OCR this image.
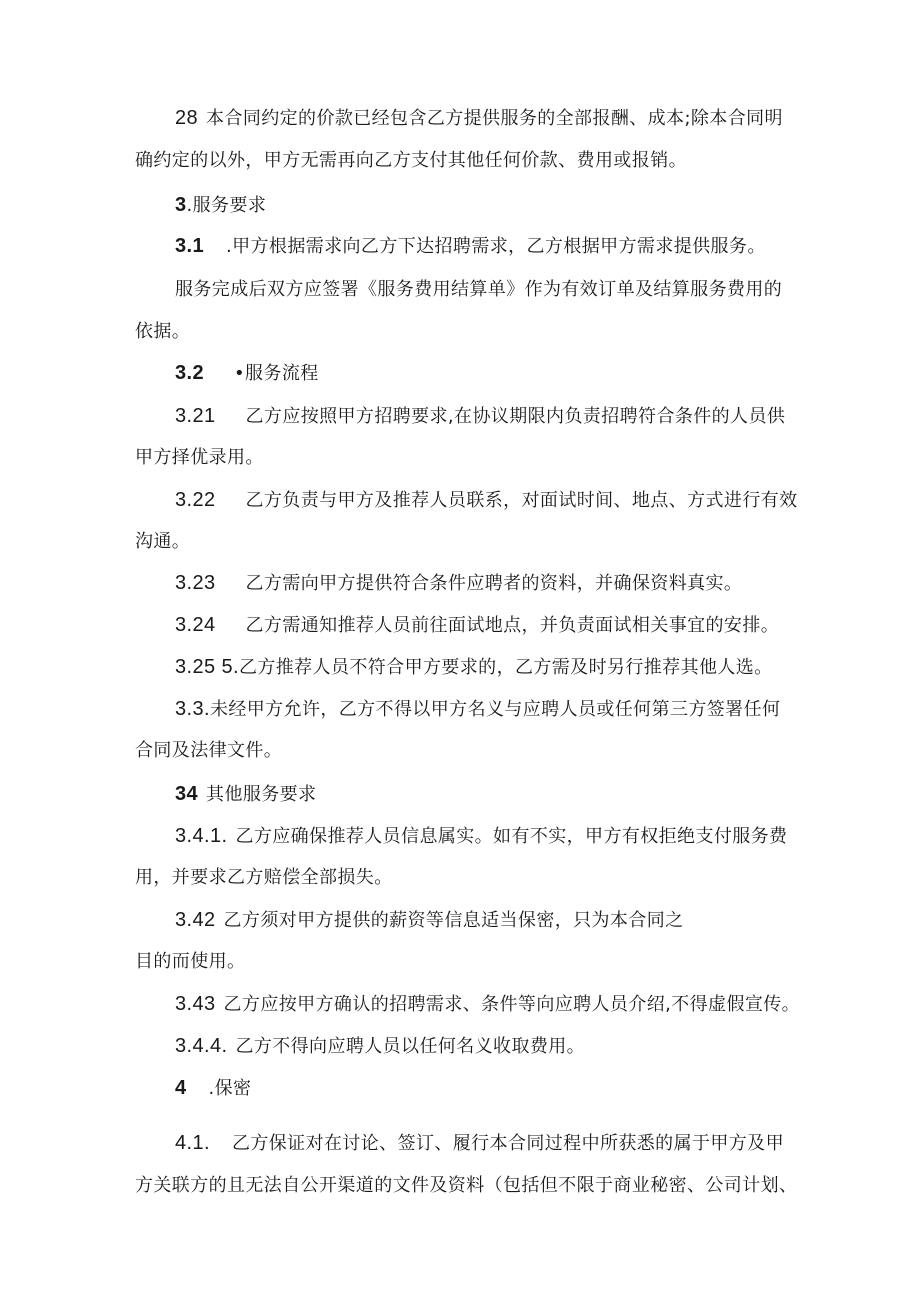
28 本合同约定的价款已经包含乙方提供服务的全部报酬、成本;除本合同明
确约定的以外，甲方无需再向乙方支付其他任何价款、费用或报销。
3.服务要求
3.1 .甲方根据需求向乙方下达招聘需求，乙方根据甲方需求提供服务。
服务完成后双方应签署《服务费用结算单》作为有效订单及结算服务费用的
依据。
3.2 •服务流程
3.21 乙方应按照甲方招聘要求,在协议期限内负责招聘符合条件的人员供
甲方择优录用。
3.22 乙方负责与甲方及推荐人员联系，对面试时间、地点、方式进行有效
沟通。
3.23 乙方需向甲方提供符合条件应聘者的资料，并确保资料真实。
3.24 乙方需通知推荐人员前往面试地点，并负责面试相关事宜的安排。
3.25 5.乙方推荐人员不符合甲方要求的，乙方需及时另行推荐其他人选。
3.3.未经甲方允许，乙方不得以甲方名义与应聘人员或任何第三方签署任何
合同及法律文件。
34 其他服务要求
3.4.1. 乙方应确保推荐人员信息属实。如有不实，甲方有权拒绝支付服务费
用，并要求乙方赔偿全部损失。
3.42 乙方须对甲方提供的薪资等信息适当保密，只为本合同之
目的而使用。
3.43 乙方应按甲方确认的招聘需求、条件等向应聘人员介绍,不得虚假宣传。
3.4.4. 乙方不得向应聘人员以任何名义收取费用。
4 .保密
4.1. 乙方保证对在讨论、签订、履行本合同过程中所获悉的属于甲方及甲
方关联方的且无法自公开渠道的文件及资料（包括但不限于商业秘密、公司计划、
